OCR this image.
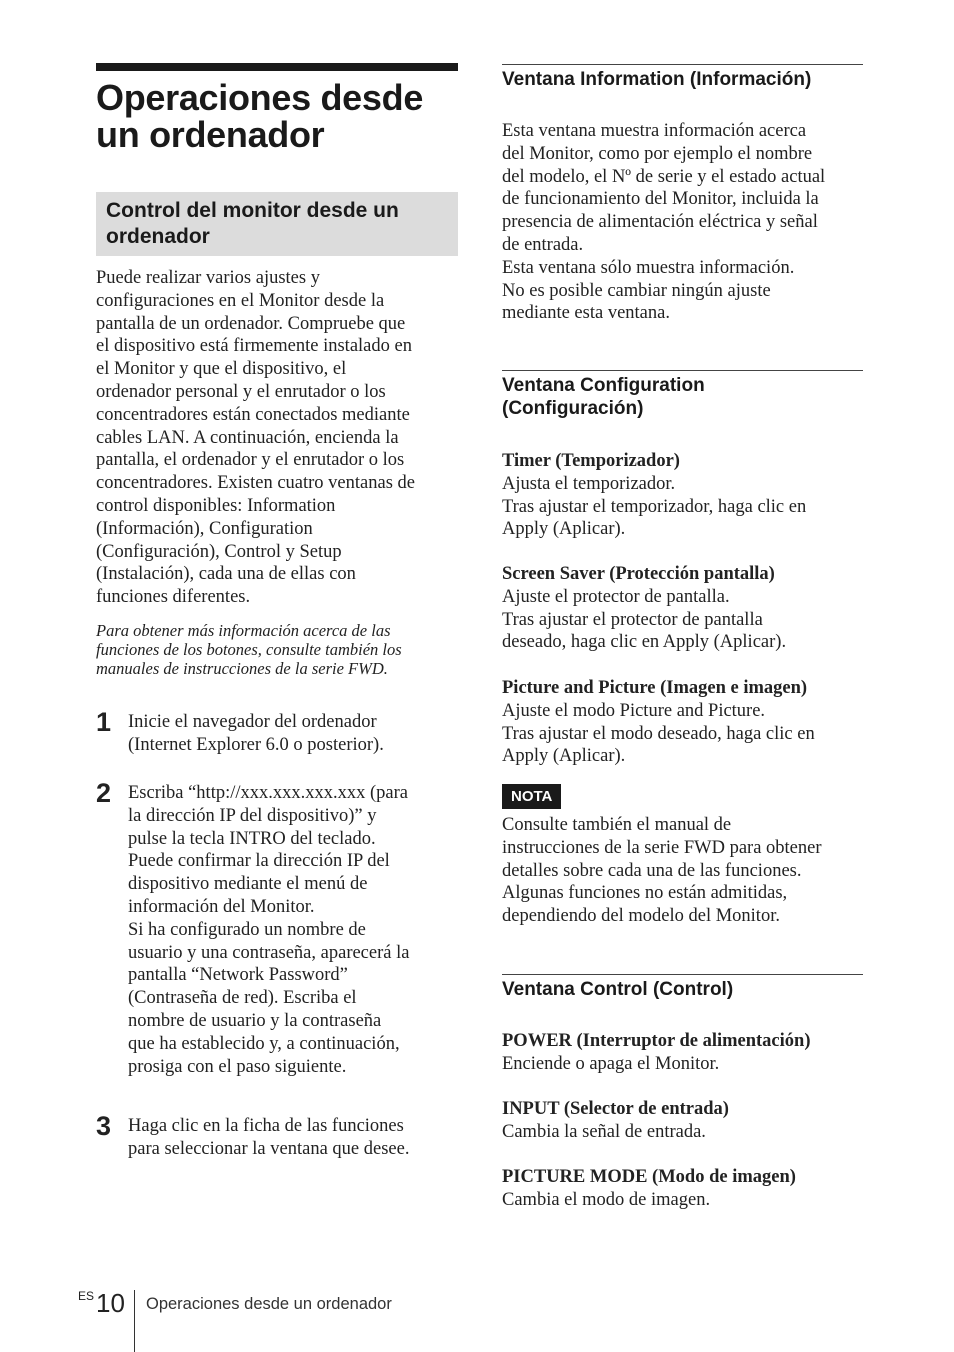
Operaciones desde
un ordenador
Control del monitor desde un
ordenador

Puede realizar varios ajustes y
configuraciones en el Monitor desde la
pantalla de un ordenador. Compruebe que
el dispositivo está firmemente instalado en
el Monitor y que el dispositivo, el
ordenador personal y el enrutador o los
concentradores están conectados mediante
cables LAN. A continuación, encienda la
pantalla, el ordenador y el enrutador o los
concentradores. Existen cuatro ventanas de
control disponibles: Information
(Información), Configuration
(Configuración), Control y Setup
(Instalación), cada una de ellas con
funciones diferentes.

Para obtener más información acerca de las
funciones de los botones, consulte también los
manuales de instrucciones de la serie FWD.

1 Inicie el navegador del ordenador
(Internet Explorer 6.0 o posterior).

2 Escriba “http://xxx.xxx.xxx.xxx (para
la dirección IP del dispositivo)” y
pulse la tecla INTRO del teclado.
Puede confirmar la dirección IP del
dispositivo mediante el menú de
información del Monitor.
Si ha configurado un nombre de
usuario y una contraseña, aparecerá la
pantalla “Network Password”
(Contraseña de red). Escriba el
nombre de usuario y la contraseña
que ha establecido y, a continuación,
prosiga con el paso siguiente.

3 Haga clic en la ficha de las funciones
para seleccionar la ventana que desee.

Ventana Information (Información)

Esta ventana muestra información acerca
del Monitor, como por ejemplo el nombre
del modelo, el Nº de serie y el estado actual
de funcionamiento del Monitor, incluida la
presencia de alimentación eléctrica y señal
de entrada.
Esta ventana sólo muestra información.
No es posible cambiar ningún ajuste
mediante esta ventana.

Ventana Configuration
(Configuración)

Timer (Temporizador)
Ajusta el temporizador.
Tras ajustar el temporizador, haga clic en
Apply (Aplicar).

Screen Saver (Protección pantalla)
Ajuste el protector de pantalla.
Tras ajustar el protector de pantalla
deseado, haga clic en Apply (Aplicar).

Picture and Picture (Imagen e imagen)
Ajuste el modo Picture and Picture.
Tras ajustar el modo deseado, haga clic en
Apply (Aplicar).

NOTA

Consulte también el manual de
instrucciones de la serie FWD para obtener
detalles sobre cada una de las funciones.
Algunas funciones no están admitidas,
dependiendo del modelo del Monitor.

Ventana Control (Control)

POWER (Interruptor de alimentación)
Enciende o apaga el Monitor.

INPUT (Selector de entrada)
Cambia la señal de entrada.

PICTURE MODE (Modo de imagen)
Cambia el modo de imagen.

ES 10 Operaciones desde un ordenador
